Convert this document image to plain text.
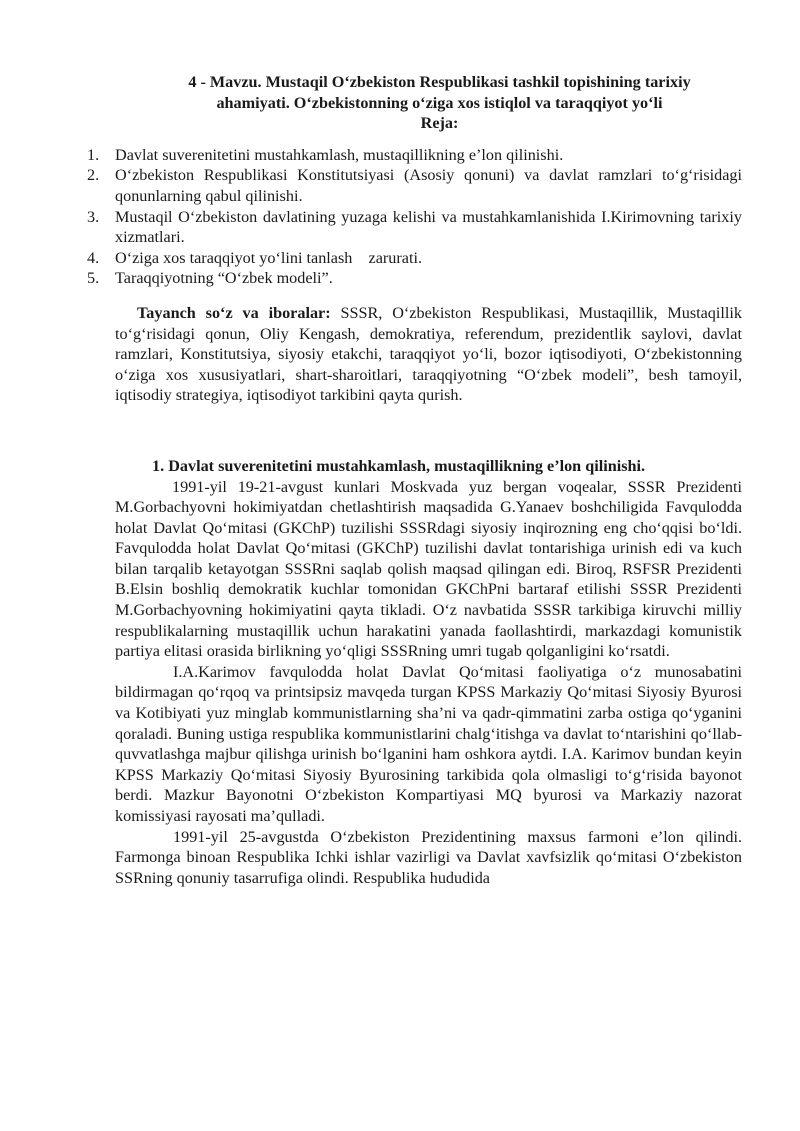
4 - Mavzu. Mustaqil O‘zbekiston Respublikasi tashkil topishining tarixiy
ahamiyati. O‘zbekistonning o‘ziga xos istiqlol va taraqqiyot yo‘li
Reja:
1. Davlat suverenitetini mustahkamlash, mustaqillikning e’lon qilinishi.
2. O‘zbekiston Respublikasi Konstitutsiyasi (Asosiy qonuni) va davlat ramzlari to‘g‘risidagi qonunlarning qabul qilinishi.
3. Mustaqil O‘zbekiston davlatining yuzaga kelishi va mustahkamlanishida I.Kirimovning tarixiy xizmatlari.
4. O‘ziga xos taraqqiyot yo‘lini tanlash    zarurati.
5. Taraqqiyotning “O‘zbek modeli”.

Tayanch so‘z va iboralar: SSSR, O‘zbekiston Respublikasi, Mustaqillik, Mustaqillik to‘g‘risidagi qonun, Oliy Kengash, demokratiya, referendum, prezidentlik saylovi, davlat ramzlari, Konstitutsiya, siyosiy etakchi, taraqqiyot yo‘li, bozor iqtisodiyoti, O‘zbekistonning o‘ziga xos xususiyatlari, shart-sharoitlari, taraqqiyotning “O‘zbek modeli”, besh tamoyil, iqtisodiy strategiya, iqtisodiyot tarkibini qayta qurish.

1. Davlat suverenitetini mustahkamlash, mustaqillikning e’lon qilinishi.

1991-yil 19-21-avgust kunlari Moskvada yuz bergan voqealar, SSSR Prezidenti M.Gorbachyovni hokimiyatdan chetlashtirish maqsadida G.Yanaev boshchiligida Favqulodda holat Davlat Qo‘mitasi (GKChP) tuzilishi SSSRdagi siyosiy inqirozning eng cho‘qqisi bo‘ldi. Favqulodda holat Davlat Qo‘mitasi (GKChP) tuzilishi davlat tontarishiga urinish edi va kuch bilan tarqalib ketayotgan SSSRni saqlab qolish maqsad qilingan edi. Biroq, RSFSR Prezidenti B.Elsin boshliq demokratik kuchlar tomonidan GKChPni bartaraf etilishi SSSR Prezidenti M.Gorbachyovning hokimiyatini qayta tikladi. O‘z navbatida SSSR tarkibiga kiruvchi milliy respublikalarning mustaqillik uchun harakatini yanada faollashtirdi, markazdagi komunistik partiya elitasi orasida birlikning yo‘qligi SSSRning umri tugab qolganligini ko‘rsatdi.

I.A.Karimov favqulodda holat Davlat Qo‘mitasi faoliyatiga o‘z munosabatini bildirmagan qo‘rqoq va printsipsiz mavqeda turgan KPSS Markaziy Qo‘mitasi Siyosiy Byurosi va Kotibiyati yuz minglab kommunistlarning sha’ni va qadr-qimmatini zarba ostiga qo‘yganini qoraladi. Buning ustiga respublika kommunistlarini chalg‘itishga va davlat to‘ntarishini qo‘llab-quvvatlashga majbur qilishga urinish bo‘lganini ham oshkora aytdi. I.A. Karimov bundan keyin KPSS Markaziy Qo‘mitasi Siyosiy Byurosining tarkibida qola olmasligi to‘g‘risida bayonot berdi. Mazkur Bayonotni O‘zbekiston Kompartiyasi MQ byurosi va Markaziy nazorat komissiyasi rayosati ma’qulladi.

1991-yil 25-avgustda O‘zbekiston Prezidentining maxsus farmoni e’lon qilindi. Farmonga binoan Respublika Ichki ishlar vazirligi va Davlat xavfsizlik qo‘mitasi O‘zbekiston SSRning qonuniy tasarrufiga olindi. Respublika hududida
